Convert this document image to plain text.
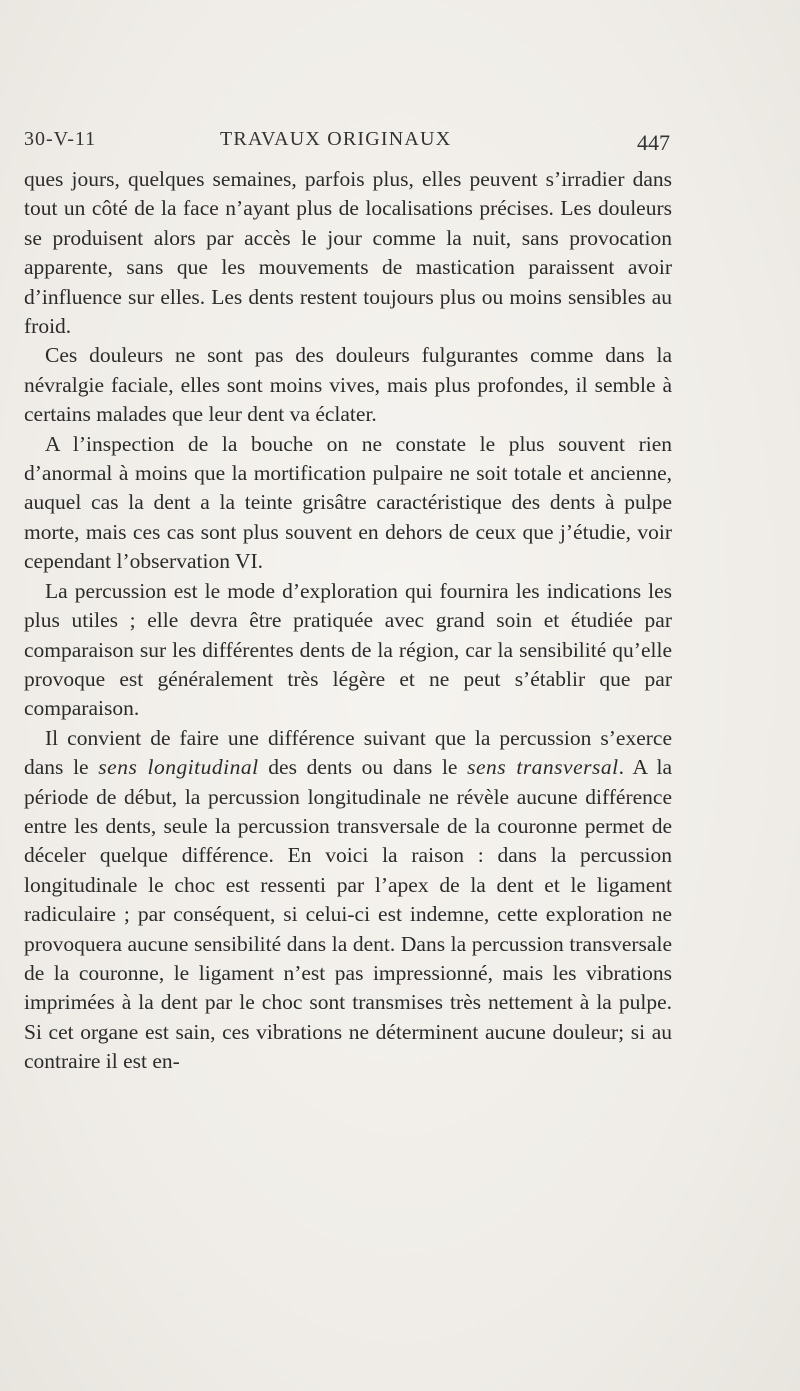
30-V-11	TRAVAUX ORIGINAUX	447

ques jours, quelques semaines, parfois plus, elles peuvent s’irradier dans tout un côté de la face n’ayant plus de localisations précises. Les douleurs se produisent alors par accès le jour comme la nuit, sans provocation apparente, sans que les mouvements de mastication paraissent avoir d’influence sur elles. Les dents restent toujours plus ou moins sensibles au froid.

Ces douleurs ne sont pas des douleurs fulgurantes comme dans la névralgie faciale, elles sont moins vives, mais plus profondes, il semble à certains malades que leur dent va éclater.

A l’inspection de la bouche on ne constate le plus souvent rien d’anormal à moins que la mortification pulpaire ne soit totale et ancienne, auquel cas la dent a la teinte grisâtre caractéristique des dents à pulpe morte, mais ces cas sont plus souvent en dehors de ceux que j’étudie, voir cependant l’observation VI.

La percussion est le mode d’exploration qui fournira les indications les plus utiles ; elle devra être pratiquée avec grand soin et étudiée par comparaison sur les différentes dents de la région, car la sensibilité qu’elle provoque est généralement très légère et ne peut s’établir que par comparaison.

Il convient de faire une différence suivant que la percussion s’exerce dans le sens longitudinal des dents ou dans le sens transversal. A la période de début, la percussion longitudinale ne révèle aucune différence entre les dents, seule la percussion transversale de la couronne permet de déceler quelque différence. En voici la raison : dans la percussion longitudinale le choc est ressenti par l’apex de la dent et le ligament radiculaire ; par conséquent, si celui-ci est indemne, cette exploration ne provoquera aucune sensibilité dans la dent. Dans la percussion transversale de la couronne, le ligament n’est pas impressionné, mais les vibrations imprimées à la dent par le choc sont transmises très nettement à la pulpe. Si cet organe est sain, ces vibrations ne déterminent aucune douleur; si au contraire il est en-
